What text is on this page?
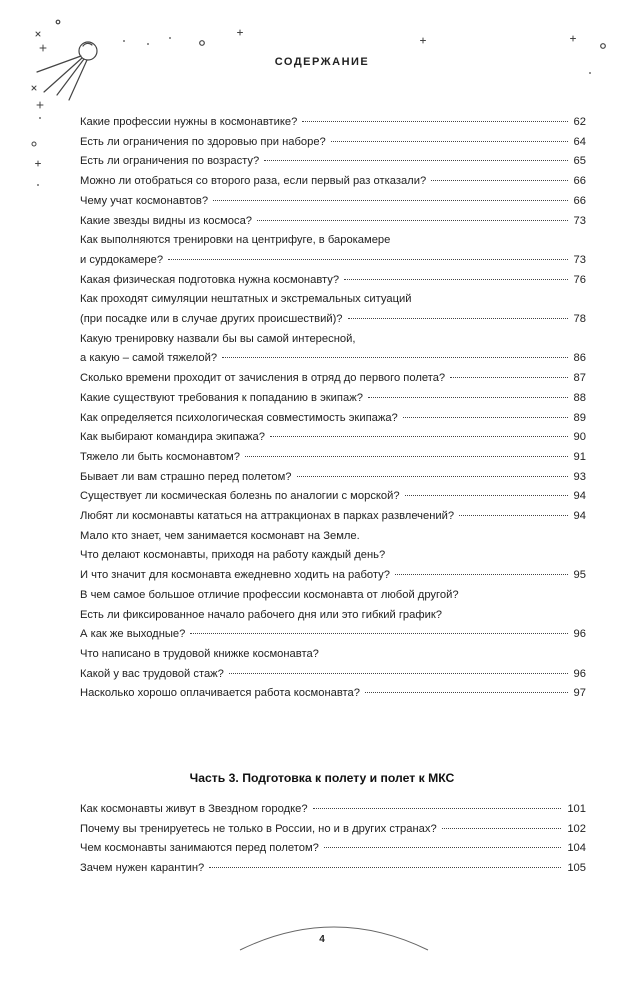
СОДЕРЖАНИЕ
Какие профессии нужны в космонавтике?	62
Есть ли ограничения по здоровью при наборе?	64
Есть ли ограничения по возрасту?	65
Можно ли отобраться со второго раза, если первый раз отказали?	66
Чему учат космонавтов?	66
Какие звезды видны из космоса?	73
Как выполняются тренировки на центрифуге, в барокамере
и сурдокамере?	73
Какая физическая подготовка нужна космонавту?	76
Как проходят симуляции нештатных и экстремальных ситуаций
(при посадке или в случае других происшествий)?	78
Какую тренировку назвали бы вы самой интересной,
а какую – самой тяжелой?	86
Сколько времени проходит от зачисления в отряд до первого полета?	87
Какие существуют требования к попаданию в экипаж?	88
Как определяется психологическая совместимость экипажа?	89
Как выбирают командира экипажа?	90
Тяжело ли быть космонавтом?	91
Бывает ли вам страшно перед полетом?	93
Существует ли космическая болезнь по аналогии с морской?	94
Любят ли космонавты кататься на аттракционах в парках развлечений?	94
Мало кто знает, чем занимается космонавт на Земле.
Что делают космонавты, приходя на работу каждый день?
И что значит для космонавта ежедневно ходить на работу?	95
В чем самое большое отличие профессии космонавта от любой другой?
Есть ли фиксированное начало рабочего дня или это гибкий график?
А как же выходные?	96
Что написано в трудовой книжке космонавта?
Какой у вас трудовой стаж?	96
Насколько хорошо оплачивается работа космонавта?	97
Часть 3. Подготовка к полету и полет к МКС
Как космонавты живут в Звездном городке?	101
Почему вы тренируетесь не только в России, но и в других странах?	102
Чем космонавты занимаются перед полетом?	104
Зачем нужен карантин?	105
4
